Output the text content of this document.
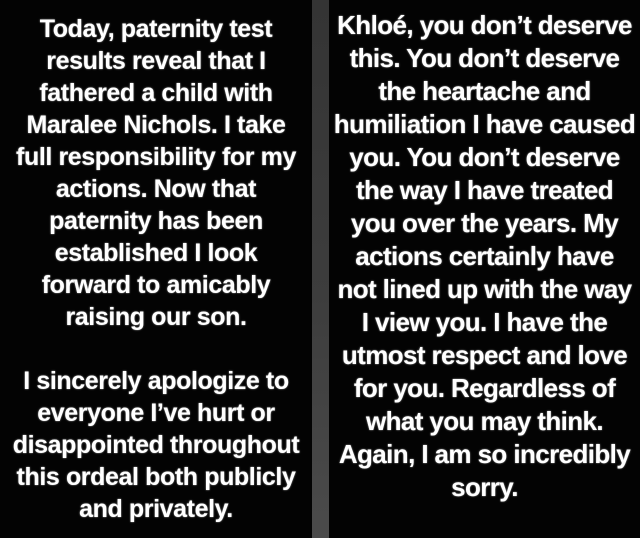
Today, paternity test
results reveal that I
fathered a child with
Maralee Nichols. I take
full responsibility for my
actions. Now that
paternity has been
established I look
forward to amicably
raising our son.
I sincerely apologize to
everyone I’ve hurt or
disappointed throughout
this ordeal both publicly
and privately.
Khloé, you don’t deserve
this. You don’t deserve
the heartache and
humiliation I have caused
you. You don’t deserve
the way I have treated
you over the years. My
actions certainly have
not lined up with the way
I view you. I have the
utmost respect and love
for you. Regardless of
what you may think.
Again, I am so incredibly
sorry.
